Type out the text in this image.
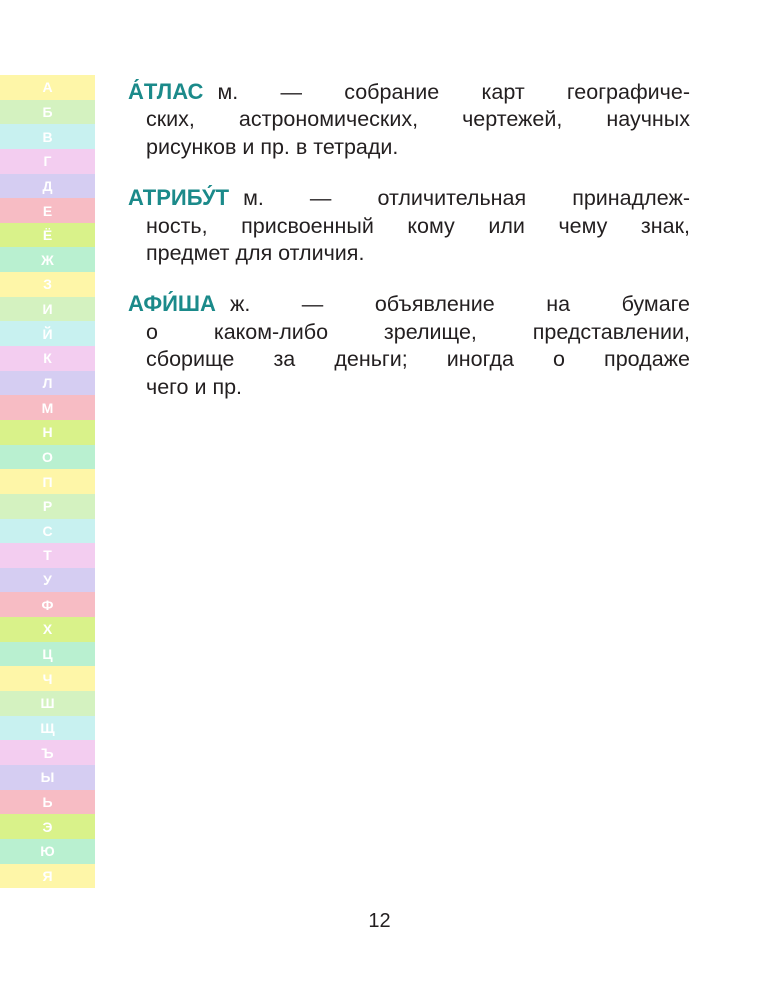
А
Б
В
Г
Д
Е
Ё
Ж
З
И
Й
К
Л
М
Н
О
П
Р
С
Т
У
Ф
Х
Ц
Ч
Ш
Щ
Ъ
Ы
Ь
Э
Ю
Я
А́ТЛАС м. — собрание карт географиче-
ских, астрономических, чертежей, научных
рисунков и пр. в тетради.
АТРИБУ́Т м. — отличительная принадлеж-
ность, присвоенный кому или чему знак,
предмет для отличия.
АФИ́ША ж. — объявление на бумаге
о каком-либо зрелище, представлении,
сборище за деньги; иногда о продаже
чего и пр.
12
